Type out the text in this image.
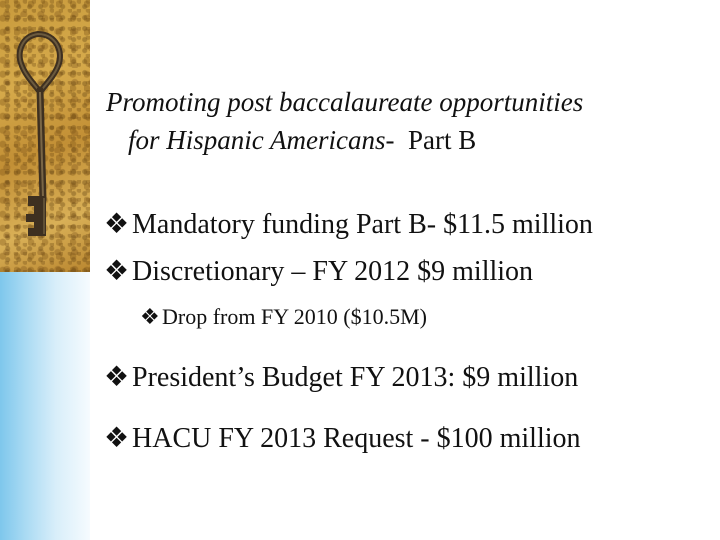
Promoting post baccalaureate opportunities
for Hispanic Americans-  Part B
❖ Mandatory funding Part B- $11.5 million
❖ Discretionary – FY 2012 $9 million
❖ Drop from FY 2010 ($10.5M)
❖ President’s Budget FY 2013: $9 million
❖ HACU FY 2013 Request - $100 million
